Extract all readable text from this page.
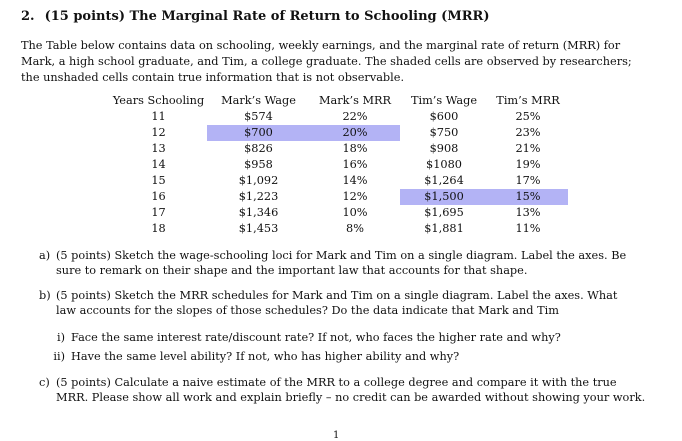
2. (15 points) The Marginal Rate of Return to Schooling (MRR)
The Table below contains data on schooling, weekly earnings, and the marginal rate of return (MRR) for
Mark, a high school graduate, and Tim, a college graduate. The shaded cells are observed by researchers;
the unshaded cells contain true information that is not observable.
Years Schooling	Mark’s Wage	Mark’s MRR	Tim’s Wage	Tim’s MRR
11	$574	22%	$600	25%
12	$700	20%	$750	23%
13	$826	18%	$908	21%
14	$958	16%	$1080	19%
15	$1,092	14%	$1,264	17%
16	$1,223	12%	$1,500	15%
17	$1,346	10%	$1,695	13%
18	$1,453	8%	$1,881	11%
a) (5 points) Sketch the wage-schooling loci for Mark and Tim on a single diagram. Label the axes. Be
sure to remark on their shape and the important law that accounts for that shape.
b) (5 points) Sketch the MRR schedules for Mark and Tim on a single diagram. Label the axes. What
law accounts for the slopes of those schedules? Do the data indicate that Mark and Tim
i) Face the same interest rate/discount rate? If not, who faces the higher rate and why?
ii) Have the same level ability? If not, who has higher ability and why?
c) (5 points) Calculate a naive estimate of the MRR to a college degree and compare it with the true
MRR. Please show all work and explain briefly – no credit can be awarded without showing your work.
1
